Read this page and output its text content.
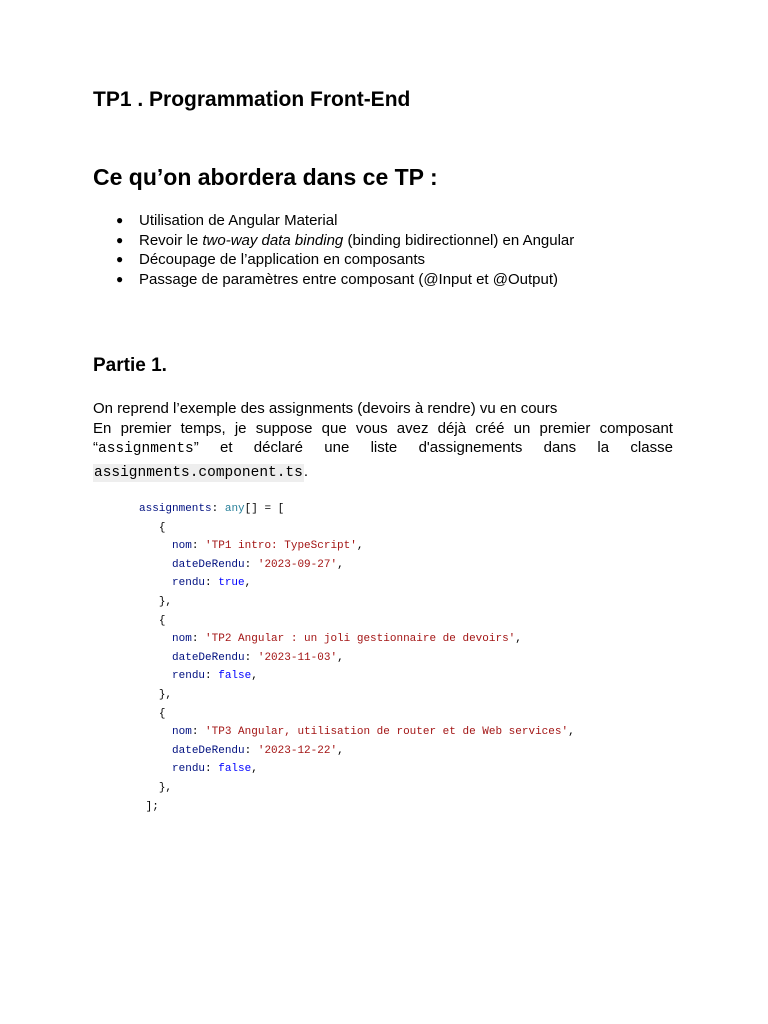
TP1 . Programmation Front-End
Ce qu’on abordera dans ce TP :
● Utilisation de Angular Material
● Revoir le two-way data binding (binding bidirectionnel) en Angular
● Découpage de l’application en composants
● Passage de paramètres entre composant (@Input et @Output)
Partie 1.
On reprend l’exemple des assignments (devoirs à rendre) vu en cours
En premier temps, je suppose que vous avez déjà créé un premier composant
“assignments” et déclaré une liste d'assignements dans la classe
assignments.component.ts.
assignments: any[] = [
{
nom: 'TP1 intro: TypeScript',
dateDeRendu: '2023-09-27',
rendu: true,
},
{
nom: 'TP2 Angular : un joli gestionnaire de devoirs',
dateDeRendu: '2023-11-03',
rendu: false,
},
{
nom: 'TP3 Angular, utilisation de router et de Web services',
dateDeRendu: '2023-12-22',
rendu: false,
},
];
